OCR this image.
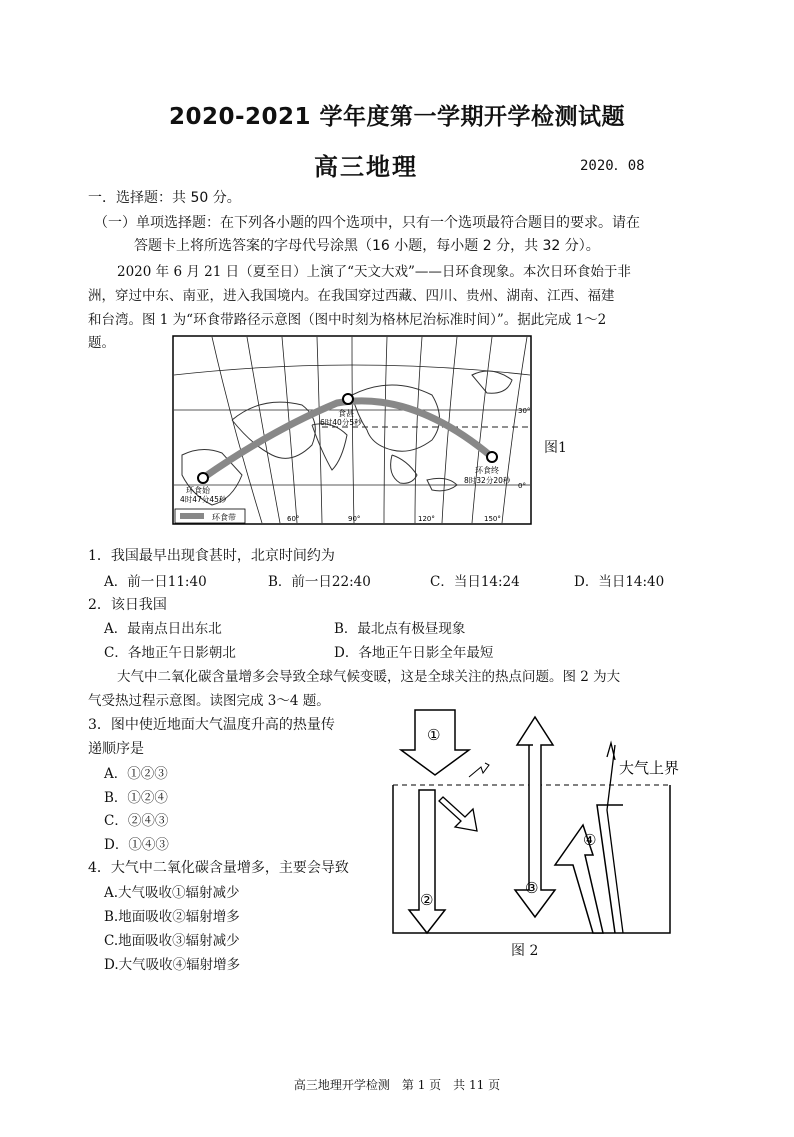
2020-2021 学年度第一学期开学检测试题
高三地理	2020．08
一．选择题：共 50 分。
（一）单项选择题：在下列各小题的四个选项中，只有一个选项最符合题目的要求。请在
答题卡上将所选答案的字母代号涂黑（16 小题，每小题 2 分，共 32 分）。
2020 年 6 月 21 日（夏至日）上演了“天文大戏”——日环食现象。本次日环食始于非
洲，穿过中东、南亚，进入我国境内。在我国穿过西藏、四川、贵州、湖南、江西、福建
和台湾。图 1 为“环食带路径示意图（图中时刻为格林尼治标准时间）”。据此完成 1～2
题。
环食始
4时47分45秒
食甚
6时40分5秒
环食终
8时32分20秒
30°
0°
60°	90°	120°	150°
环食带
图1
1．我国最早出现食甚时，北京时间约为
A．前一日11:40	B．前一日22:40	C．当日14:24	D．当日14:40
2．该日我国
A．最南点日出东北	B．最北点有极昼现象
C．各地正午日影朝北	D．各地正午日影全年最短
大气中二氧化碳含量增多会导致全球气候变暖，这是全球关注的热点问题。图 2 为大
气受热过程示意图。读图完成 3～4 题。
3．图中使近地面大气温度升高的热量传
递顺序是
A．①②③
B．①②④
C．②④③
D．①④③
4．大气中二氧化碳含量增多，主要会导致
A.大气吸收①辐射减少
B.地面吸收②辐射增多
C.地面吸收③辐射减少
D.大气吸收④辐射增多
①
②
③
④
大气上界
图 2
高三地理开学检测　第 1 页　共 11 页
